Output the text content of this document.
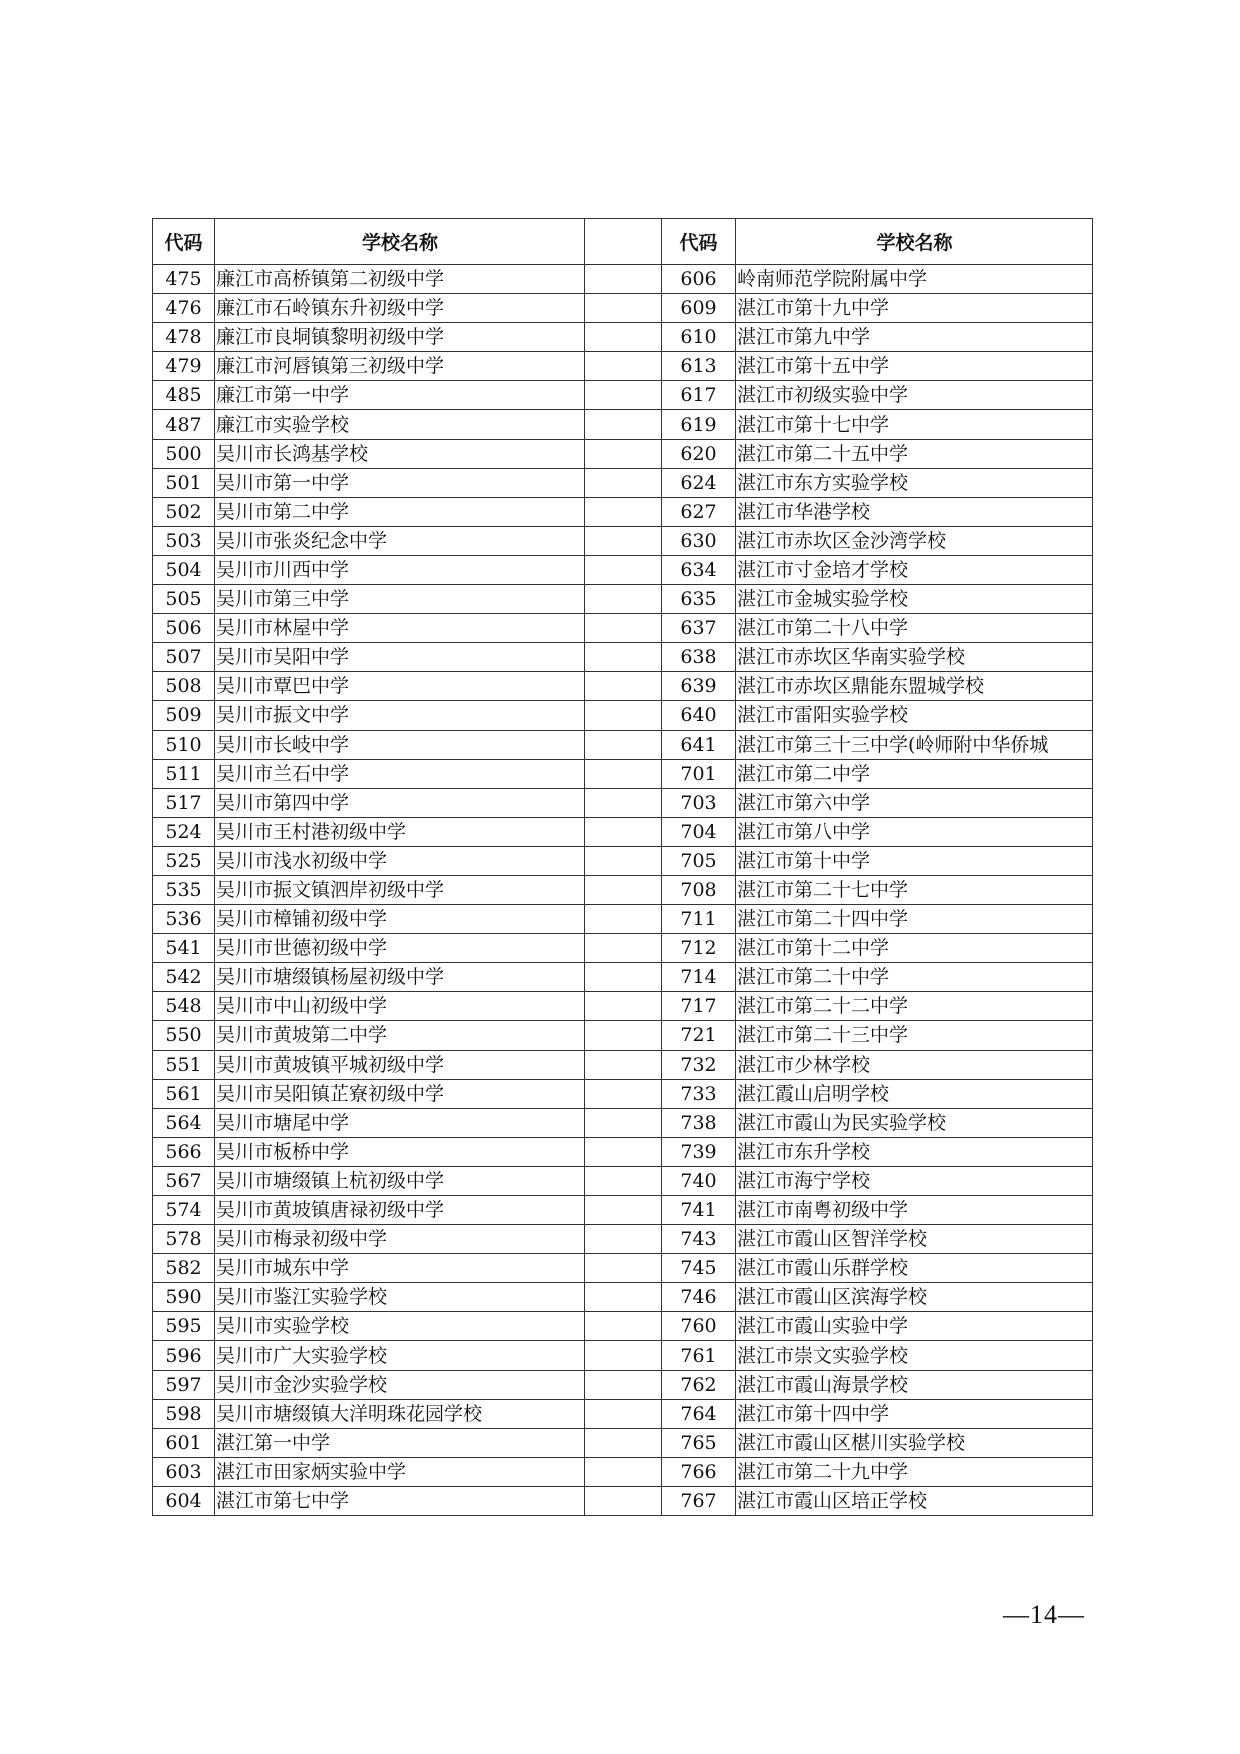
代码	学校名称		代码	学校名称
475	廉江市高桥镇第二初级中学		606	岭南师范学院附属中学
476	廉江市石岭镇东升初级中学		609	湛江市第十九中学
478	廉江市良垌镇黎明初级中学		610	湛江市第九中学
479	廉江市河唇镇第三初级中学		613	湛江市第十五中学
485	廉江市第一中学		617	湛江市初级实验中学
487	廉江市实验学校		619	湛江市第十七中学
500	吴川市长鸿基学校		620	湛江市第二十五中学
501	吴川市第一中学		624	湛江市东方实验学校
502	吴川市第二中学		627	湛江市华港学校
503	吴川市张炎纪念中学		630	湛江市赤坎区金沙湾学校
504	吴川市川西中学		634	湛江市寸金培才学校
505	吴川市第三中学		635	湛江市金城实验学校
506	吴川市林屋中学		637	湛江市第二十八中学
507	吴川市吴阳中学		638	湛江市赤坎区华南实验学校
508	吴川市覃巴中学		639	湛江市赤坎区鼎能东盟城学校
509	吴川市振文中学		640	湛江市雷阳实验学校
510	吴川市长岐中学		641	湛江市第三十三中学(岭师附中华侨城
511	吴川市兰石中学		701	湛江市第二中学
517	吴川市第四中学		703	湛江市第六中学
524	吴川市王村港初级中学		704	湛江市第八中学
525	吴川市浅水初级中学		705	湛江市第十中学
535	吴川市振文镇泗岸初级中学		708	湛江市第二十七中学
536	吴川市樟铺初级中学		711	湛江市第二十四中学
541	吴川市世德初级中学		712	湛江市第十二中学
542	吴川市塘缀镇杨屋初级中学		714	湛江市第二十中学
548	吴川市中山初级中学		717	湛江市第二十二中学
550	吴川市黄坡第二中学		721	湛江市第二十三中学
551	吴川市黄坡镇平城初级中学		732	湛江市少林学校
561	吴川市吴阳镇芷寮初级中学		733	湛江霞山启明学校
564	吴川市塘尾中学		738	湛江市霞山为民实验学校
566	吴川市板桥中学		739	湛江市东升学校
567	吴川市塘缀镇上杭初级中学		740	湛江市海宁学校
574	吴川市黄坡镇唐禄初级中学		741	湛江市南粤初级中学
578	吴川市梅录初级中学		743	湛江市霞山区智洋学校
582	吴川市城东中学		745	湛江市霞山乐群学校
590	吴川市鉴江实验学校		746	湛江市霞山区滨海学校
595	吴川市实验学校		760	湛江市霞山实验中学
596	吴川市广大实验学校		761	湛江市崇文实验学校
597	吴川市金沙实验学校		762	湛江市霞山海景学校
598	吴川市塘缀镇大洋明珠花园学校		764	湛江市第十四中学
601	湛江第一中学		765	湛江市霞山区椹川实验学校
603	湛江市田家炳实验中学		766	湛江市第二十九中学
604	湛江市第七中学		767	湛江市霞山区培正学校
—14—
